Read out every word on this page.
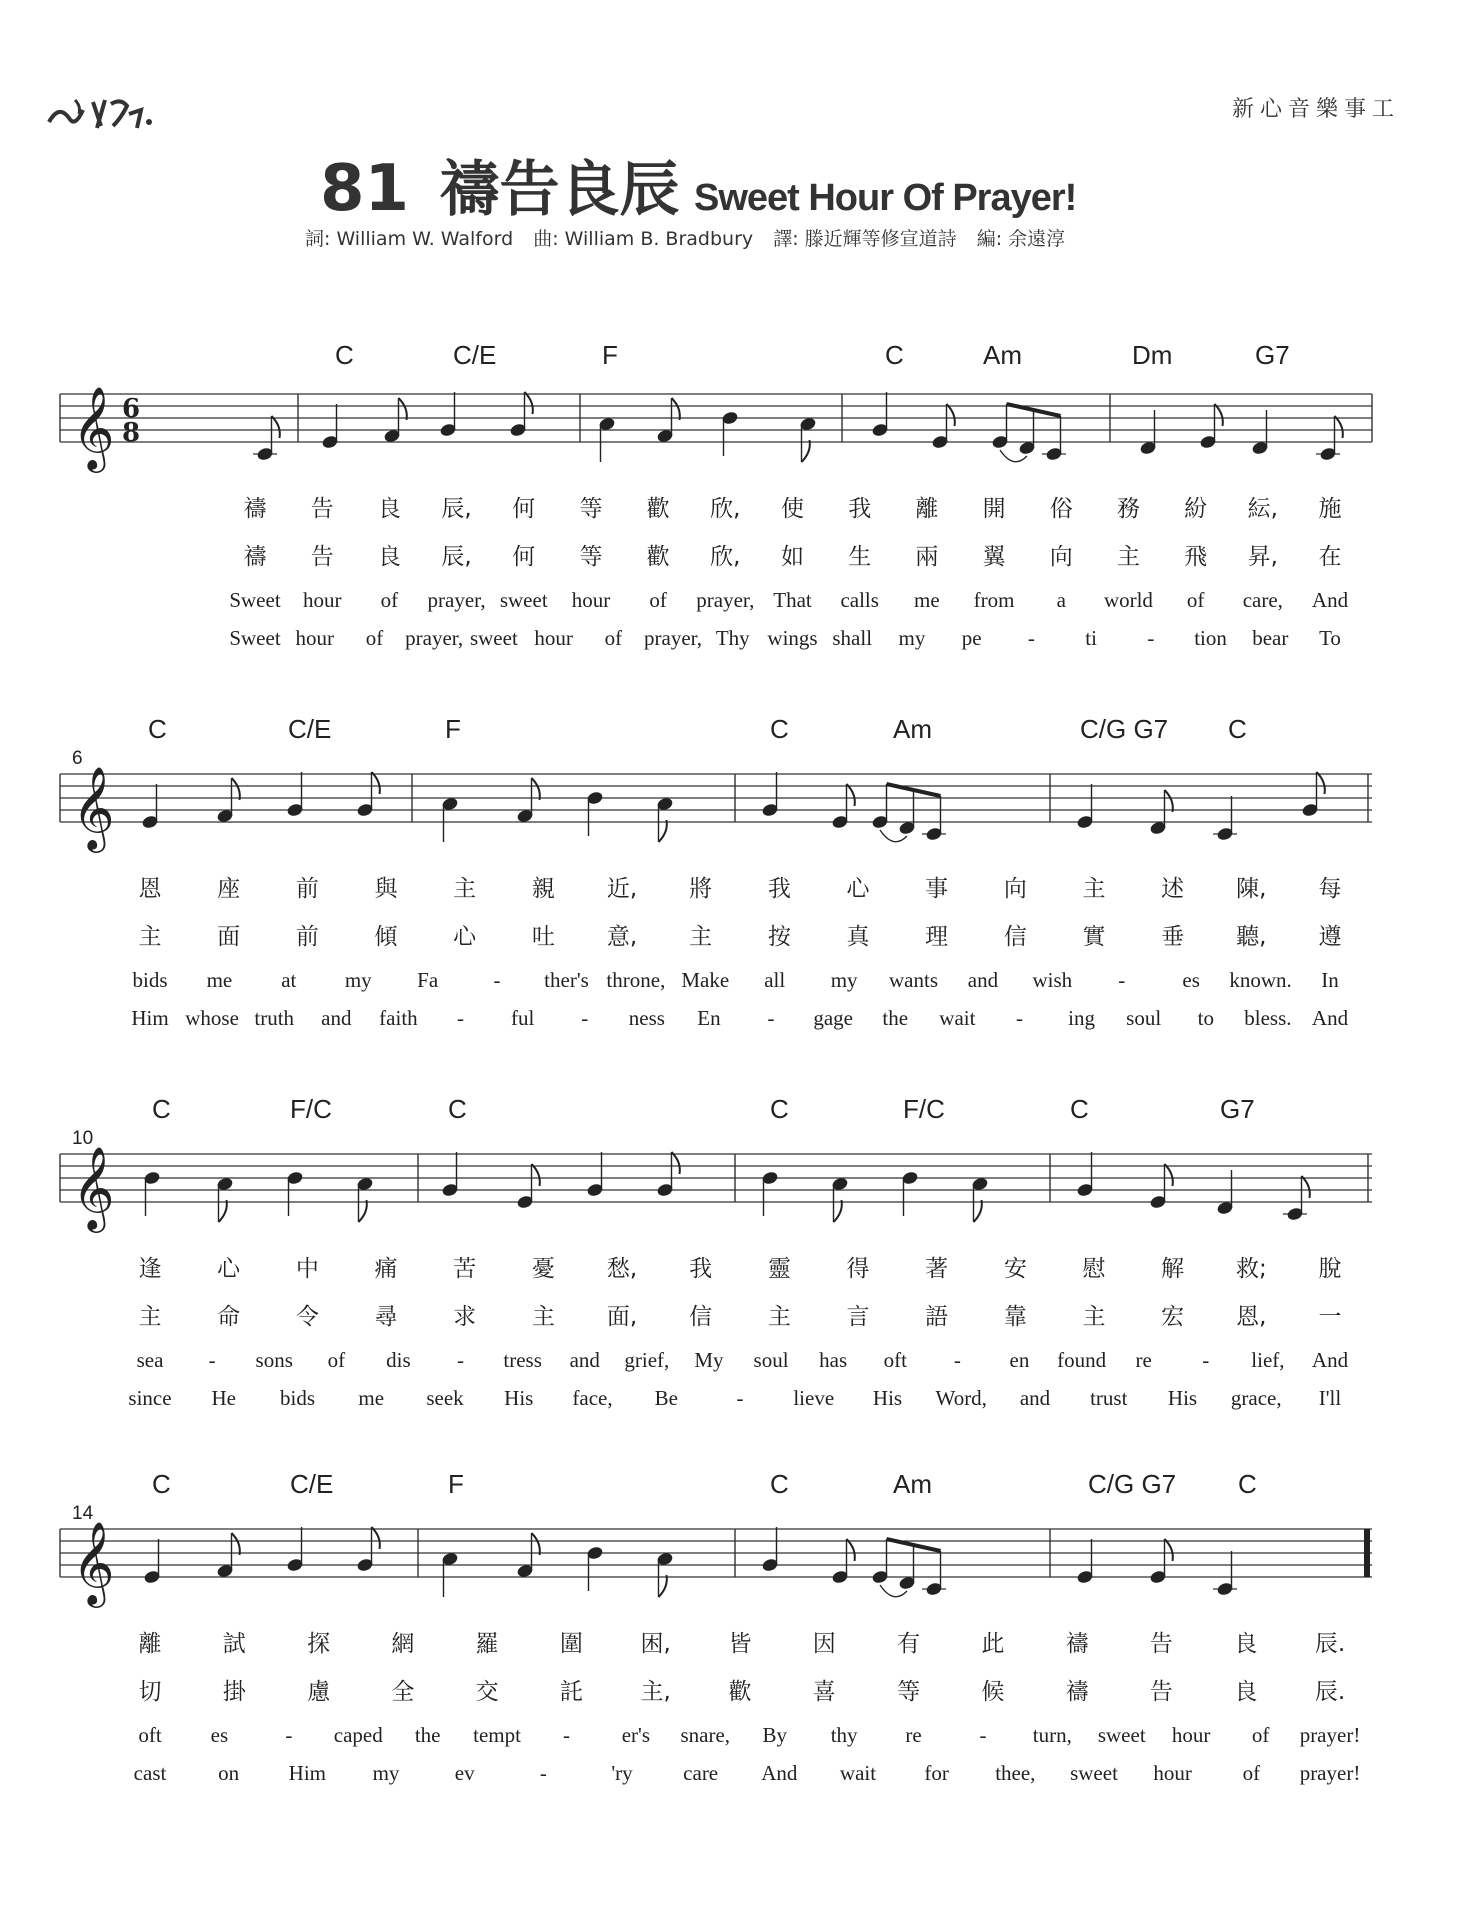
新心音樂事工
81 禱告良辰 Sweet Hour Of Prayer!
詞: William W. Walford 曲: William B. Bradbury 譯: 滕近輝等修宣道詩 編: 余遠淳
C	C/E	F	C	Am	Dm	G7
𝄞 6
8
禱 告 良 辰, 何 等 歡 欣, 使 我 離 開 俗 務 紛 紜, 施
禱 告 良 辰, 何 等 歡 欣, 如 生 兩 翼 向 主 飛 昇, 在
Sweet hour of prayer, sweet hour of prayer, That calls me from a world of care, And
Sweet hour of prayer, sweet hour of prayer, Thy wings shall my pe - ti - tion bear To
6
C	C/E	F	C	Am	C/G G7 C
𝄞
恩 座 前 與 主 親 近, 將 我 心 事 向 主 述 陳, 每
主 面 前 傾 心 吐 意, 主 按 真 理 信 實 垂 聽, 遵
bids me at my Fa	- ther's throne, Make all my wants and wish -	es known. In
Him whose truth and faith - ful - ness En - gage the wait - ing soul to bless. And
10
C	F/C	C	C	F/C	C	G7
𝄞
逢 心 中 痛 苦 憂 愁, 我 靈 得 著 安 慰 解 救; 脫
主 命 令 尋 求 主 面, 信 主 言 語 靠 主 宏 恩, 一
sea - sons of dis - tress and grief, My soul has oft - en found re - lief, And
since He bids me seek His face, Be	- lieve His Word, and trust His grace, I'll
14
C	C/E	F	C	Am	C/G G7 C
𝄞
離	試	探	網	羅	圍	困,	皆	因	有	此	禱	告	良	辰.
切	掛	慮	全	交	託	主,	歡	喜	等	候	禱	告	良	辰.
oft es	- caped the tempt - er's snare, By thy re	- turn, sweet hour of prayer!
cast on Him my	ev	-	'ry care And wait for thee, sweet hour of prayer!
